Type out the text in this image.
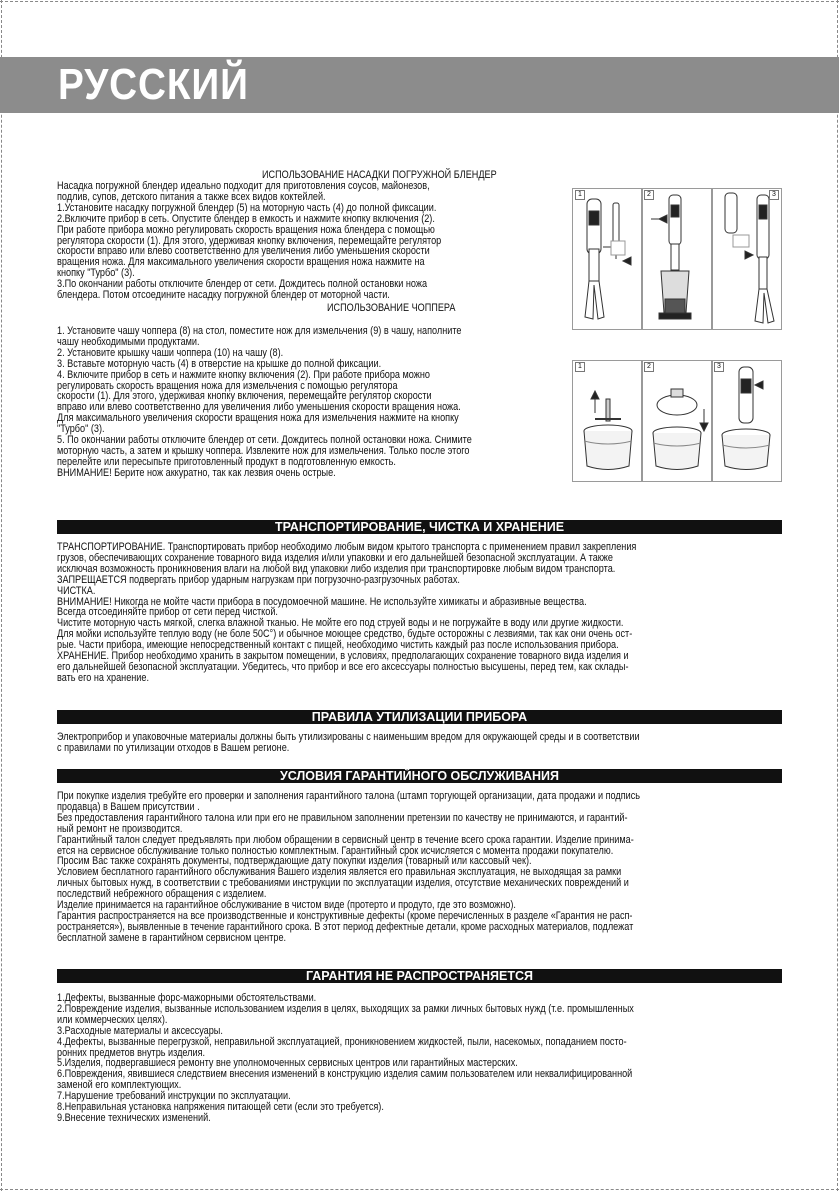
РУССКИЙ
ИСПОЛЬЗОВАНИЕ НАСАДКИ ПОГРУЖНОЙ БЛЕНДЕР

Насадка погружной блендер идеально подходит для приготовления соусов, майонезов,

подлив, супов, детского питания а также всех видов коктейлей.

1.Установите насадку погружной блендер (5) на моторную часть (4) до полной фиксации.

2.Включите прибор в сеть. Опустите блендер в емкость и нажмите кнопку включения (2).

При работе прибора можно регулировать скорость вращения ножа блендера с помощью

регулятора скорости (1). Для этого, удерживая кнопку включения, перемещайте регулятор

скорости вправо или влево соответственно для увеличения либо уменьшения скорости

вращения ножа. Для максимального увеличения скорости вращения ножа нажмите на

кнопку "Турбо" (3).

3.По окончании работы отключите блендер от сети. Дождитесь полной остановки ножа

блендера. Потом отсоедините насадку погружной блендер от моторной части.

ИСПОЛЬЗОВАНИЕ ЧОППЕРА

1. Установите чашу чоппера (8) на стол, поместите нож для измельчения (9) в чашу, наполните

чашу необходимыми продуктами.

2. Установите крышку чаши чоппера (10) на чашу (8).

3. Вставьте моторную часть (4) в отверстие на крышке до полной фиксации.

4. Включите прибор в сеть и нажмите кнопку включения (2). При работе прибора можно

регулировать скорость вращения ножа для измельчения с помощью регулятора

скорости (1). Для этого, удерживая кнопку включения, перемещайте регулятор скорости

вправо или влево соответственно для увеличения либо уменьшения скорости вращения ножа.

Для максимального увеличения скорости вращения ножа для измельчения нажмите на кнопку

"Турбо" (3).

5. По окончании работы отключите блендер от сети. Дождитесь полной остановки ножа. Снимите

моторную часть, а затем и крышку чоппера. Извлеките нож для измельчения. Только после этого

перелейте или пересыпьте приготовленный продукт в подготовленную емкость.

ВНИМАНИЕ! Берите нож аккуратно, так как лезвия очень острые.

1	2	3
1	2	3
ТРАНСПОРТИРОВАНИЕ, ЧИСТКА И ХРАНЕНИЕ

ТРАНСПОРТИРОВАНИЕ. Транспортировать прибор необходимо любым видом крытого транспорта с применением правил закрепления

грузов, обеспечивающих сохранение товарного вида изделия и/или упаковки и его дальнейшей безопасной эксплуатации. А также

исключая возможность проникновения влаги на любой вид упаковки либо изделия при транспортировке любым видом транспорта.

ЗАПРЕЩАЕТСЯ подвергать прибор ударным нагрузкам при погрузочно-разгрузочных работах.

ЧИСТКА.

ВНИМАНИЕ! Никогда не мойте части прибора в посудомоечной машине. Не используйте химикаты и абразивные вещества.

Всегда отсоединяйте прибор от сети перед чисткой.

Чистите моторную часть мягкой, слегка влажной тканью. Не мойте его под струей воды и не погружайте в воду или другие жидкости.

Для мойки используйте теплую воду (не боле 50С°) и обычное моющее средство, будьте осторожны с лезвиями, так как они очень ост-

рые. Части прибора, имеющие непосредственный контакт с пищей, необходимо чистить каждый раз после использования прибора.

ХРАНЕНИЕ. Прибор необходимо хранить в закрытом помещении, в условиях, предполагающих сохранение товарного вида изделия и

его дальнейшей безопасной эксплуатации. Убедитесь, что прибор и все его аксессуары полностью высушены, перед тем, как склады-

вать его на хранение.

ПРАВИЛА УТИЛИЗАЦИИ ПРИБОРА

Электроприбор и упаковочные материалы должны быть утилизированы с наименьшим вредом для окружающей среды и в соответствии

с правилами по утилизации отходов в Вашем регионе.

УСЛОВИЯ ГАРАНТИЙНОГО ОБСЛУЖИВАНИЯ

При покупке изделия требуйте его проверки и заполнения гарантийного талона (штамп торгующей организации, дата продажи и подпись

продавца) в Вашем присутствии .

Без предоставления гарантийного талона или при его не правильном заполнении претензии по качеству не принимаются, и гарантий-

ный ремонт не производится.

Гарантийный талон следует предъявлять при любом обращении в сервисный центр в течение всего срока гарантии. Изделие принима-

ется на сервисное обслуживание только полностью комплектным. Гарантийный срок исчисляется с момента продажи покупателю.

Просим Вас также сохранять документы, подтверждающие дату покупки изделия (товарный или кассовый чек).

Условием бесплатного гарантийного обслуживания Вашего изделия является его правильная эксплуатация, не выходящая за рамки

личных бытовых нужд, в соответствии с требованиями инструкции по эксплуатации изделия, отсутствие механических повреждений и

последствий небрежного обращения с изделием.

Изделие принимается на гарантийное обслуживание в чистом виде (протерто и продуто, где это возможно).

Гарантия распространяется на все производственные и конструктивные дефекты (кроме перечисленных в разделе «Гарантия не расп-

ространяется»), выявленные в течение гарантийного срока. В этот период дефектные детали, кроме расходных материалов, подлежат

бесплатной замене в гарантийном сервисном центре.

ГАРАНТИЯ НЕ РАСПРОСТРАНЯЕТСЯ

1.Дефекты, вызванные форс-мажорными обстоятельствами.

2.Повреждение изделия, вызванные использованием изделия в целях, выходящих за рамки личных бытовых нужд (т.е. промышленных

или коммерческих целях).

3.Расходные материалы и аксессуары.

4.Дефекты, вызванные перегрузкой, неправильной эксплуатацией, проникновением жидкостей, пыли, насекомых, попаданием посто-

ронних предметов внутрь изделия.

5.Изделия, подвергавшиеся ремонту вне уполномоченных сервисных центров или гарантийных мастерских.

6.Повреждения, явившиеся следствием внесения изменений в конструкцию изделия самим пользователем или неквалифицированной

заменой его комплектующих.

7.Нарушение требований инструкции по эксплуатации.

8.Неправильная установка напряжения питающей сети (если это требуется).

9.Внесение технических изменений.
